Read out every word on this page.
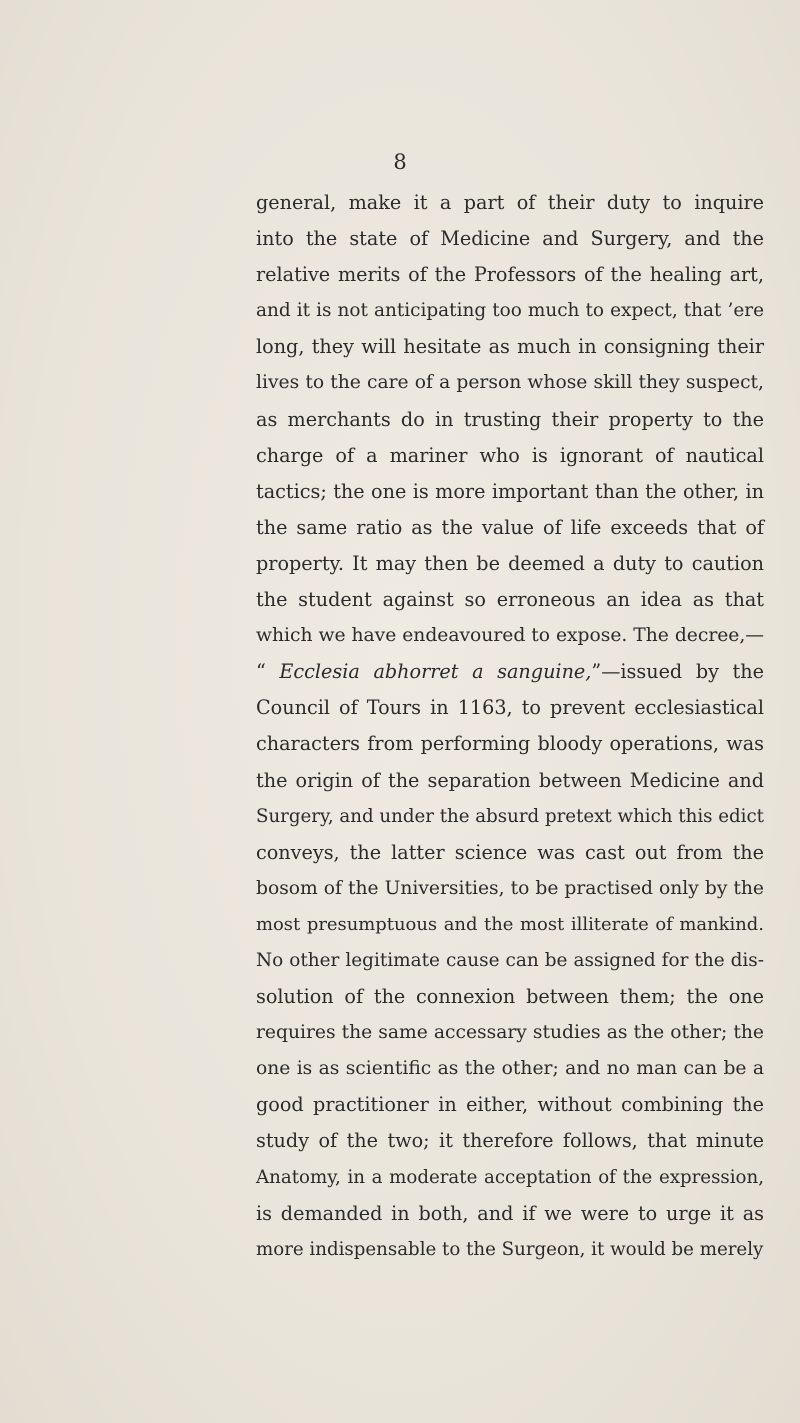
8
general, make it a part of their duty to inquire
into the state of Medicine and Surgery, and the
relative merits of the Professors of the healing art,
and it is not anticipating too much to expect, that ’ere
long, they will hesitate as much in consigning their
lives to the care of a person whose skill they suspect,
as merchants do in trusting their property to the
charge of a mariner who is ignorant of nautical
tactics; the one is more important than the other, in
the same ratio as the value of life exceeds that of
property. It may then be deemed a duty to caution
the student against so erroneous an idea as that
which we have endeavoured to expose. The decree,—
“ Ecclesia abhorret a sanguine,”—issued by the
Council of Tours in 1163, to prevent ecclesiastical
characters from performing bloody operations, was
the origin of the separation between Medicine and
Surgery, and under the absurd pretext which this edict
conveys, the latter science was cast out from the
bosom of the Universities, to be practised only by the
most presumptuous and the most illiterate of mankind.
No other legitimate cause can be assigned for the dis-
solution of the connexion between them; the one
requires the same accessary studies as the other; the
one is as scientific as the other; and no man can be a
good practitioner in either, without combining the
study of the two; it therefore follows, that minute
Anatomy, in a moderate acceptation of the expression,
is demanded in both, and if we were to urge it as
more indispensable to the Surgeon, it would be merely
